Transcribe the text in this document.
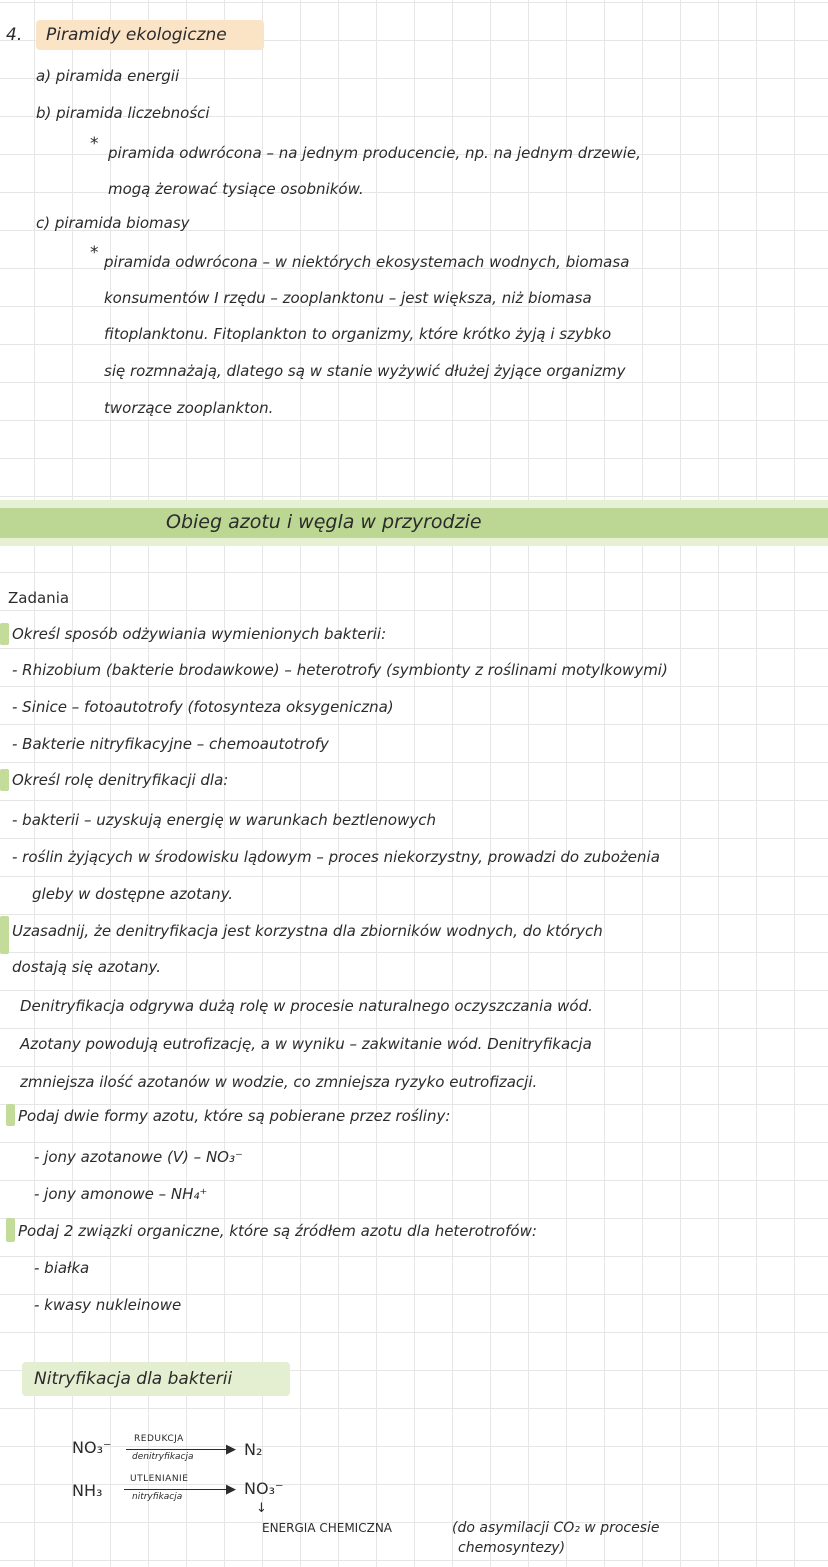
4. Piramidy ekologiczne
a) piramida energii
b) piramida liczebności
* piramida odwrócona – na jednym producencie, np. na jednym drzewie,
mogą żerować tysiące osobników.
c) piramida biomasy
* piramida odwrócona – w niektórych ekosystemach wodnych, biomasa
konsumentów I rzędu – zooplanktonu – jest większa, niż biomasa
fitoplanktonu. Fitoplankton to organizmy, które krótko żyją i szybko
się rozmnażają, dlatego są w stanie wyżywić dłużej żyjące organizmy
tworzące zooplankton.
Obieg azotu i węgla w przyrodzie
Zadania
Określ sposób odżywiania wymienionych bakterii:
- Rhizobium (bakterie brodawkowe) – heterotrofy (symbionty z roślinami motylkowymi)
- Sinice – fotoautotrofy (fotosynteza oksygeniczna)
- Bakterie nitryfikacyjne – chemoautotrofy
Określ rolę denitryfikacji dla:
- bakterii – uzyskują energię w warunkach beztlenowych
- roślin żyjących w środowisku lądowym – proces niekorzystny, prowadzi do zubożenia
gleby w dostępne azotany.
Uzasadnij, że denitryfikacja jest korzystna dla zbiorników wodnych, do których
dostają się azotany.
Denitryfikacja odgrywa dużą rolę w procesie naturalnego oczyszczania wód.
Azotany powodują eutrofizację, a w wyniku – zakwitanie wód. Denitryfikacja
zmniejsza ilość azotanów w wodzie, co zmniejsza ryzyko eutrofizacji.
Podaj dwie formy azotu, które są pobierane przez rośliny:
- jony azotanowe (V) – NO₃⁻
- jony amonowe – NH₄⁺
Podaj 2 związki organiczne, które są źródłem azotu dla heterotrofów:
- białka
- kwasy nukleinowe
Nitryfikacja dla bakterii
NO₃⁻	REDUKCJA
▶
denitryfikacja	N₂
NH₃
UTLENIANIE
▶
nitryfikacja	NO₃⁻
↓
ENERGIA CHEMICZNA	(do asymilacji CO₂ w procesie
chemosyntezy)
